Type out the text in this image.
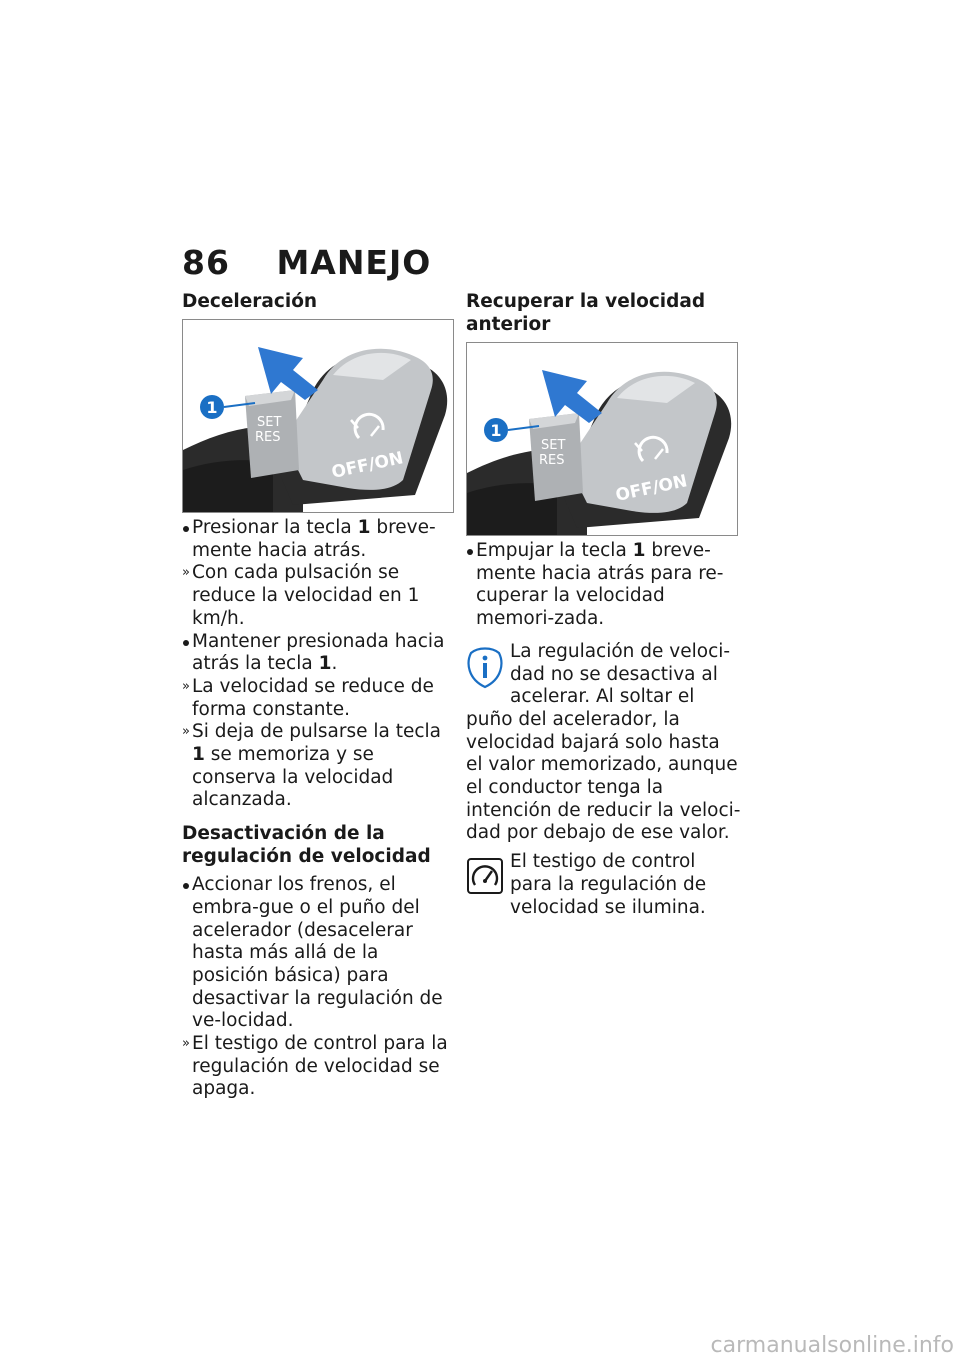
86 MANEJO
Deceleración
1
SET
RES
OFF/ON
Presionar la tecla 1 breve-mente hacia atrás.
» Con cada pulsación se reduce la velocidad en 1 km/h.
Mantener presionada hacia atrás la tecla 1.
» La velocidad se reduce de forma constante.
» Si deja de pulsarse la tecla 1 se memoriza y se conserva la velocidad alcanzada.
Desactivación de la regulación de velocidad
Accionar los frenos, el embra-gue o el puño del acelerador (desacelerar hasta más allá de la posición básica) para desactivar la regulación de ve-locidad.
» El testigo de control para la regulación de velocidad se apaga.
Recuperar la velocidad anterior
1
SET
RES
OFF/ON
Empujar la tecla 1 breve-mente hacia atrás para re-cuperar la velocidad memori-zada.
La regulación de veloci-dad no se desactiva al acelerar. Al soltar el puño del acelerador, la velocidad bajará solo hasta el valor memorizado, aunque el conductor tenga la intención de reducir la veloci-dad por debajo de ese valor.
El testigo de control para la regulación de velocidad se ilumina.
carmanualsonline.info
